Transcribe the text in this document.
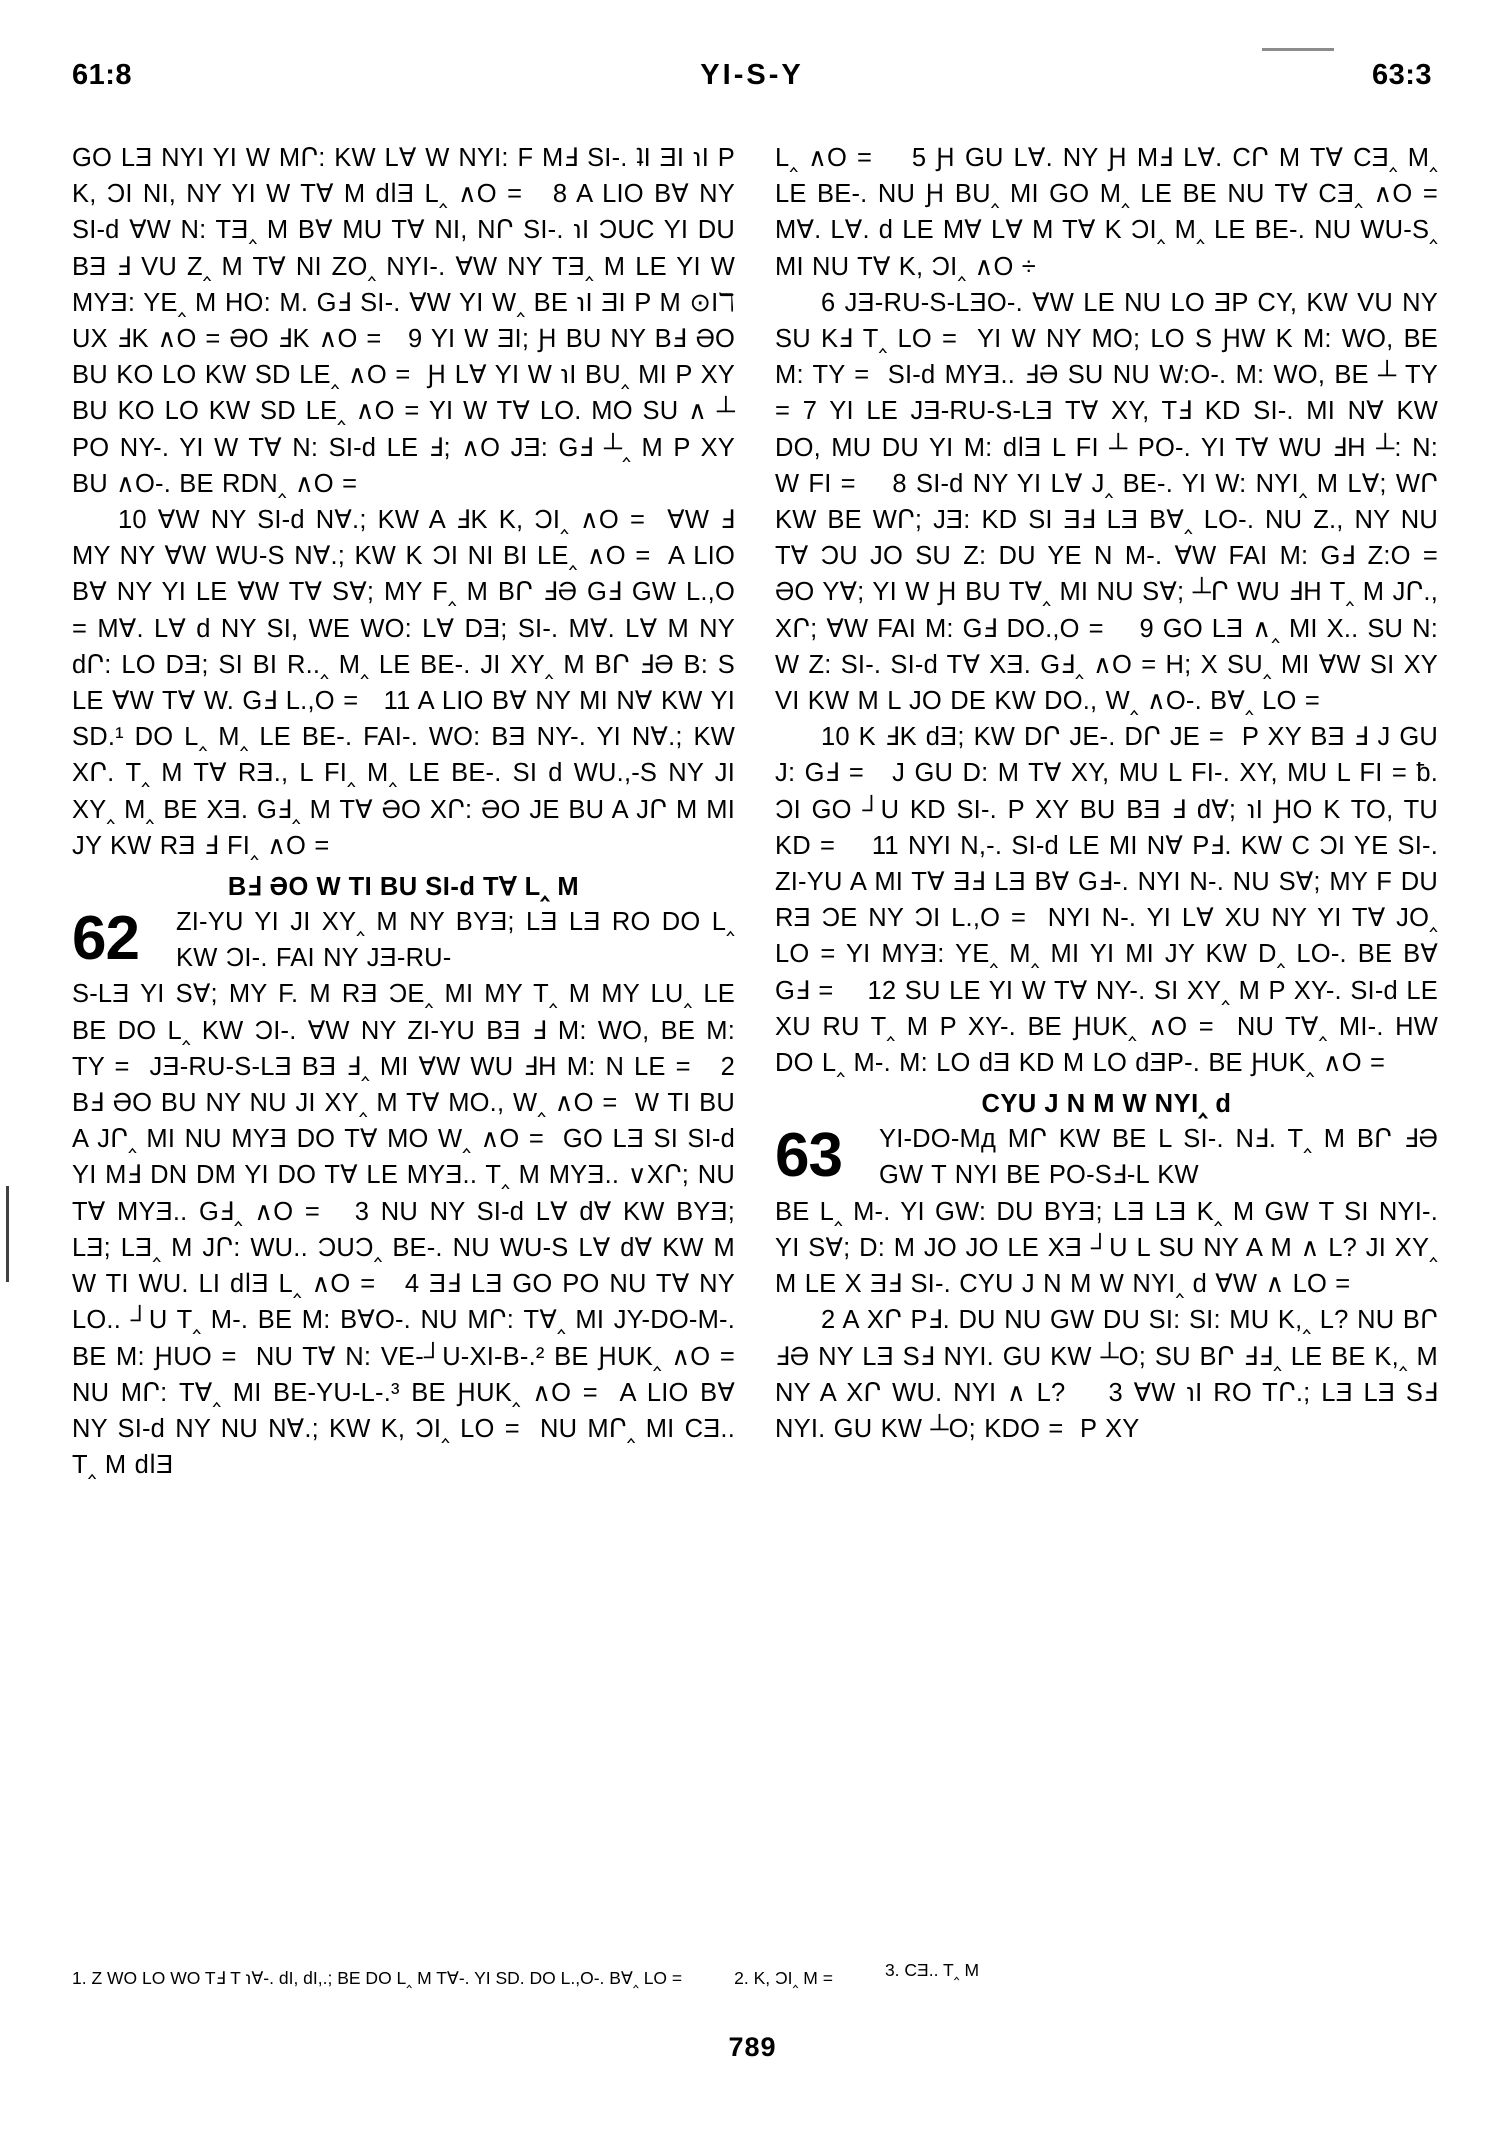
61:8	YI-S-Y	63:3

GO LƎ NYI YI W MՐ: KW L∀ W NYI: F MℲ SI-. ʇI ƎI ℩I P K, ƆI NI, NY YI W T∀ M dاƎ L‸ ∧O =   8 A LIO B∀ NY SI-d ∀W N: TƎ‸ M B∀ MU T∀ NI, NՐ SI-. ℩I ƆUC YI DU BƎ Ⅎ VU Z‸ M T∀ NI ZO‸ NYI-. ∀W NY TƎ‸ M LE YI W MYƎ: YE‸ M HO: M. GℲ SI-. ∀W YI W‸ BE ℩I ƎI P M ⊙Iℸ UX ℲK ∧O = ƏO ℲK ∧O =   9 YI W ƎI; Ԩ BU NY BℲ ƏO BU KO LO KW SD LE‸ ∧O =  Ԩ L∀ YI W ℩I BU‸ MI P XY BU KO LO KW SD LE‸ ∧O = YI W T∀ LO. MO SU ∧ ┴ PO NY-. YI W T∀ N: SI-d LE Ⅎ; ∧O JƎ: GℲ ┴‸ M P XY BU ∧O-. BE RDN‸ ∧O =

10 ∀W NY SI-d N∀.; KW A ℲK K, ƆI‸ ∧O =  ∀W Ⅎ MY NY ∀W WU-S N∀.; KW K ƆI NI BI LE‸ ∧O =  A LIO B∀ NY YI LE ∀W T∀ S∀; MY F‸ M BՐ ℲƏ GℲ GW L.,O = M∀. L∀ d NY SI, WE WO: L∀ DƎ; SI-. M∀. L∀ M NY dՐ: LO DƎ; SI BI R..‸ M‸ LE BE-. JI XY‸ M BՐ ℲƏ B: S LE ∀W T∀ W. GℲ L.,O =   11 A LIO B∀ NY MI N∀ KW YI SD.¹ DO L‸ M‸ LE BE-. FAI-. WO: BƎ NY-. YI N∀.; KW XՐ. T‸ M T∀ RƎ., L FI‸ M‸ LE BE-. SI d WU.,-S NY JI XY‸ M‸ BE XƎ. GℲ‸ M T∀ ƏO XՐ: ƏO JE BU A JՐ M MI JY KW RƎ Ⅎ FI‸ ∧O =

BℲ ƏO W TI BU SI-d T∀ L‸ M
62	ZI-YU YI JI XY‸ M NY BYƎ; LƎ LƎ RO DO L‸ KW ƆI-. FAI NY JƎ-RU-

S-LƎ YI S∀; MY F. M RƎ ƆE‸ MI MY T‸ M MY LU‸ LE BE DO L‸ KW ƆI-. ∀W NY ZI-YU BƎ Ⅎ M: WO, BE M: TY =  JƎ-RU-S-LƎ BƎ Ⅎ‸ MI ∀W WU ℲH M: N LE =   2 BℲ ƏO BU NY NU JI XY‸ M T∀ MO., W‸ ∧O =  W TI BU A JՐ‸ MI NU MYƎ DO T∀ MO W‸ ∧O =  GO LƎ SI SI-d YI MℲ DN DM YI DO T∀ LE MYƎ.. T‸ M MYƎ.. ∨XՐ; NU T∀ MYƎ.. GℲ‸ ∧O =   3 NU NY SI-d L∀ d∀ KW BYƎ; LƎ; LƎ‸ M JՐ: WU.. ƆUƆ‸ BE-. NU WU-S L∀ d∀ KW M W TI WU. LI dاƎ L‸ ∧O =   4 ƎℲ LƎ GO PO NU T∀ NY LO.. ┘U T‸ M-. BE M: B∀O-. NU MՐ: T∀‸ MI JY-DO-M-. BE M: ԨUO =  NU T∀ N: VE-┘U-XI-B-.² BE ԨUK‸ ∧O =  NU MՐ: T∀‸ MI BE-YU-L-.³ BE ԨUK‸ ∧O =  A LIO B∀ NY SI-d NY NU N∀.; KW K, ƆI‸ LO =  NU MՐ‸ MI CƎ.. T‸ M dاƎ

L‸ ∧O =    5 Ԩ GU L∀. NY Ԩ MℲ L∀. CՐ M T∀ CƎ‸ M‸ LE BE-. NU Ԩ BU‸ MI GO M‸ LE BE NU T∀ CƎ‸ ∧O =  M∀. L∀. d LE M∀ L∀ M T∀ K ƆI‸ M‸ LE BE-. NU WU-S‸ MI NU T∀ K, ƆI‸ ∧O ÷

6 JƎ-RU-S-LƎO-. ∀W LE NU LO ƎP CY, KW VU NY SU KℲ T‸ LO =  YI W NY MO; LO S ԨW K M: WO, BE M: TY =  SI-d MYƎ.. ℲƏ SU NU W:O-. M: WO, BE ┴ TY = 7 YI LE JƎ-RU-S-LƎ T∀ XY, TℲ KD SI-. MI N∀ KW DO, MU DU YI M: dاƎ L FI ┴ PO-. YI T∀ WU ℲH ┴: N: W FI =    8 SI-d NY YI L∀ J‸ BE-. YI W: NYI‸ M L∀; WՐ KW BE WՐ; JƎ: KD SI ƎℲ LƎ B∀‸ LO-. NU Z., NY NU T∀ ƆU JO SU Z: DU YE N M-. ∀W FAI M: GℲ Z:O =  ƏO Y∀; YI W Ԩ BU T∀‸ MI NU S∀; ┴Ր WU ℲH T‸ M JՐ., XՐ; ∀W FAI M: GℲ DO.,O =    9 GO LƎ ∧‸ MI X.. SU N: W Z: SI-. SI-d T∀ XƎ. GℲ‸ ∧O = H; X SU‸ MI ∀W SI XY VI KW M L JO DE KW DO., W‸ ∧O-. B∀‸ LO =

10 K ℲK dƎ; KW DՐ JE-. DՐ JE =  P XY BƎ Ⅎ J GU J: GℲ =   J GU D: M T∀ XY, MU L FI-. XY, MU L FI = ƀ. ƆI GO ┘U KD SI-. P XY BU BƎ Ⅎ d∀; ℩I ԨO K TO, TU KD =    11 NYI N,-. SI-d LE MI N∀ PℲ. KW C ƆI YE SI-. ZI-YU A MI T∀ ƎℲ LƎ B∀ GℲ-. NYI N-. NU S∀; MY F DU RƎ ƆE NY ƆI L.,O =  NYI N-. YI L∀ XU NY YI T∀ JO‸ LO = YI MYƎ: YE‸ M‸ MI YI MI JY KW D‸ LO-. BE B∀ GℲ =    12 SU LE YI W T∀ NY-. SI XY‸ M P XY-. SI-d LE XU RU T‸ M P XY-. BE ԨUK‸ ∧O =  NU T∀‸ MI-. HW DO L‸ M-. M: LO dƎ KD M LO dƎP-. BE ԨUK‸ ∧O =

CYU J N M W NYI‸ d
63	YI-DO-Mд MՐ KW BE L SI-. NℲ. T‸ M BՐ ℲƏ GW T NYI BE PO-SℲ-L KW

BE L‸ M-. YI GW: DU BYƎ; LƎ LƎ K‸ M GW T SI NYI-. YI S∀; D: M JO JO LE XƎ ┘U L SU NY A M ∧ L? JI XY‸ M LE X ƎℲ SI-. CYU J N M W NYI‸ d ∀W ∧ LO =

2 A XՐ PℲ. DU NU GW DU SI: SI: MU K,‸ L? NU BՐ ℲƏ NY LƎ SℲ NYI. GU KW ┴O; SU BՐ ℲℲ‸ LE BE K,‸ M NY A XՐ WU. NYI ∧ L?    3 ∀W ℩I RO TՐ.; LƎ LƎ SℲ NYI. GU KW ┴O; KDO =  P XY

1. Z WO LO WO TℲ T ℩∀-. dI, dI,.; BE DO L‸ M T∀-. YI SD. DO L.,O-. B∀‸ LO =	2. K, ƆI‸ M =	3. CƎ.. T‸ M
789
